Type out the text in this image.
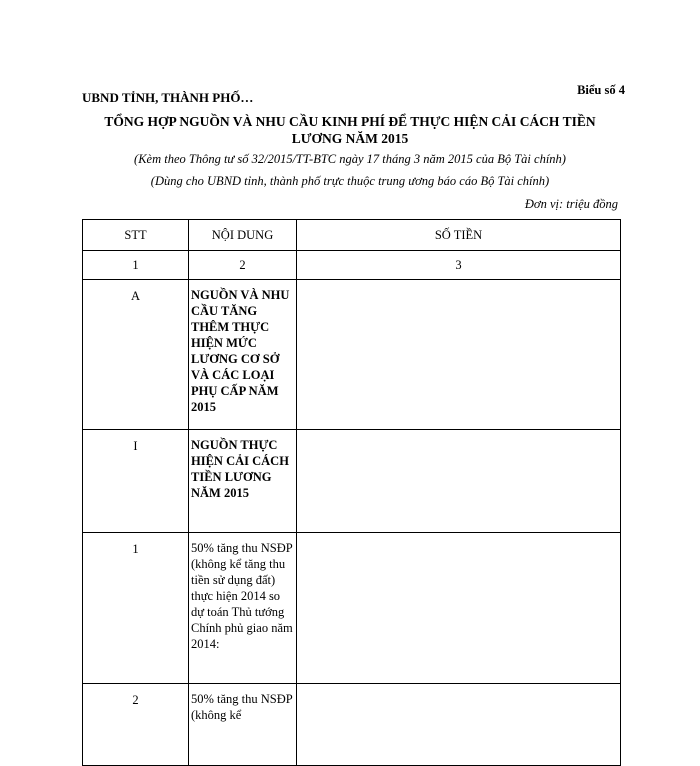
Biểu số 4
UBND TỈNH, THÀNH PHỐ…
TỔNG HỢP NGUỒN VÀ NHU CẦU KINH PHÍ ĐỂ THỰC HIỆN CẢI CÁCH TIỀN LƯƠNG NĂM 2015
(Kèm theo Thông tư số 32/2015/TT-BTC ngày 17 tháng 3 năm 2015 của Bộ Tài chính)
(Dùng cho UBND tỉnh, thành phố trực thuộc trung ương báo cáo Bộ Tài chính)
Đơn vị: triệu đồng
STT	NỘI DUNG	SỐ TIỀN
1	2	3
A	NGUỒN VÀ NHU CẦU TĂNG THÊM THỰC HIỆN MỨC LƯƠNG CƠ SỞ VÀ CÁC LOẠI PHỤ CẤP NĂM 2015	
I	NGUỒN THỰC HIỆN CẢI CÁCH TIỀN LƯƠNG NĂM 2015	
1	50% tăng thu NSĐP (không kể tăng thu tiền sử dụng đất) thực hiện 2014 so dự toán Thủ tướng Chính phủ giao năm 2014:	
2	50% tăng thu NSĐP (không kể	
